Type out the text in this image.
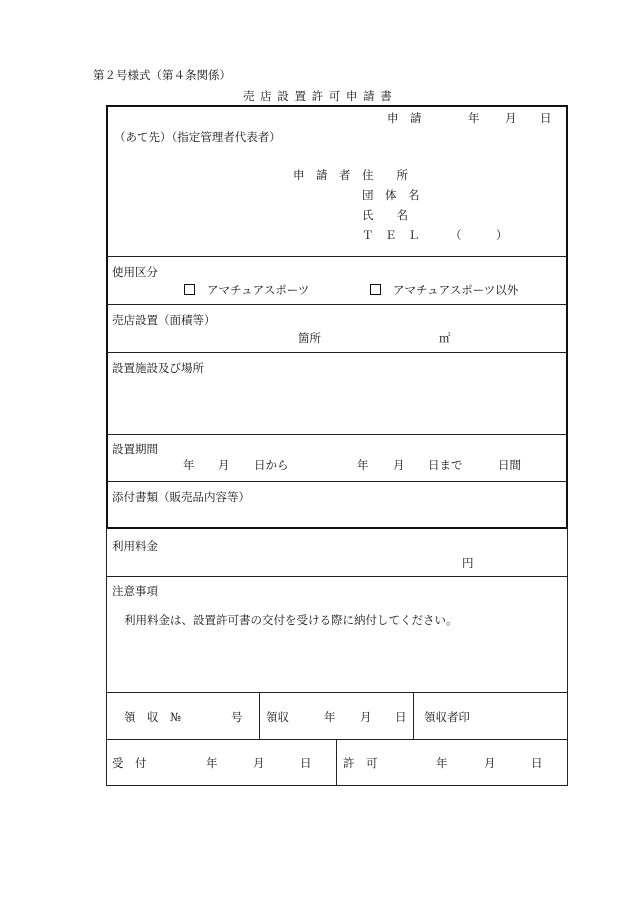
第２号様式（第４条関係）
売 店 設 置 許 可 申 請 書
申　請	年 月 日
（あて先）（指定管理者代表者）
申　請　者 住　　所
団　体　名
氏　　名
Ｔ　Ｅ　Ｌ	（　　　）
使用区分
アマチュアスポーツ	アマチュアスポーツ以外
売店設置（面積等）
箇所	㎡
設置施設及び場所
設置期間
年 月 日から	年 月 日まで	日間
添付書類（販売品内容等）
利用料金
円
注意事項
利用料金は、設置許可書の交付を受ける際に納付してください。
領　収　№	号 領収	年 月 日 領収者印
受　付	年	月	日	許　可	年	月	日
